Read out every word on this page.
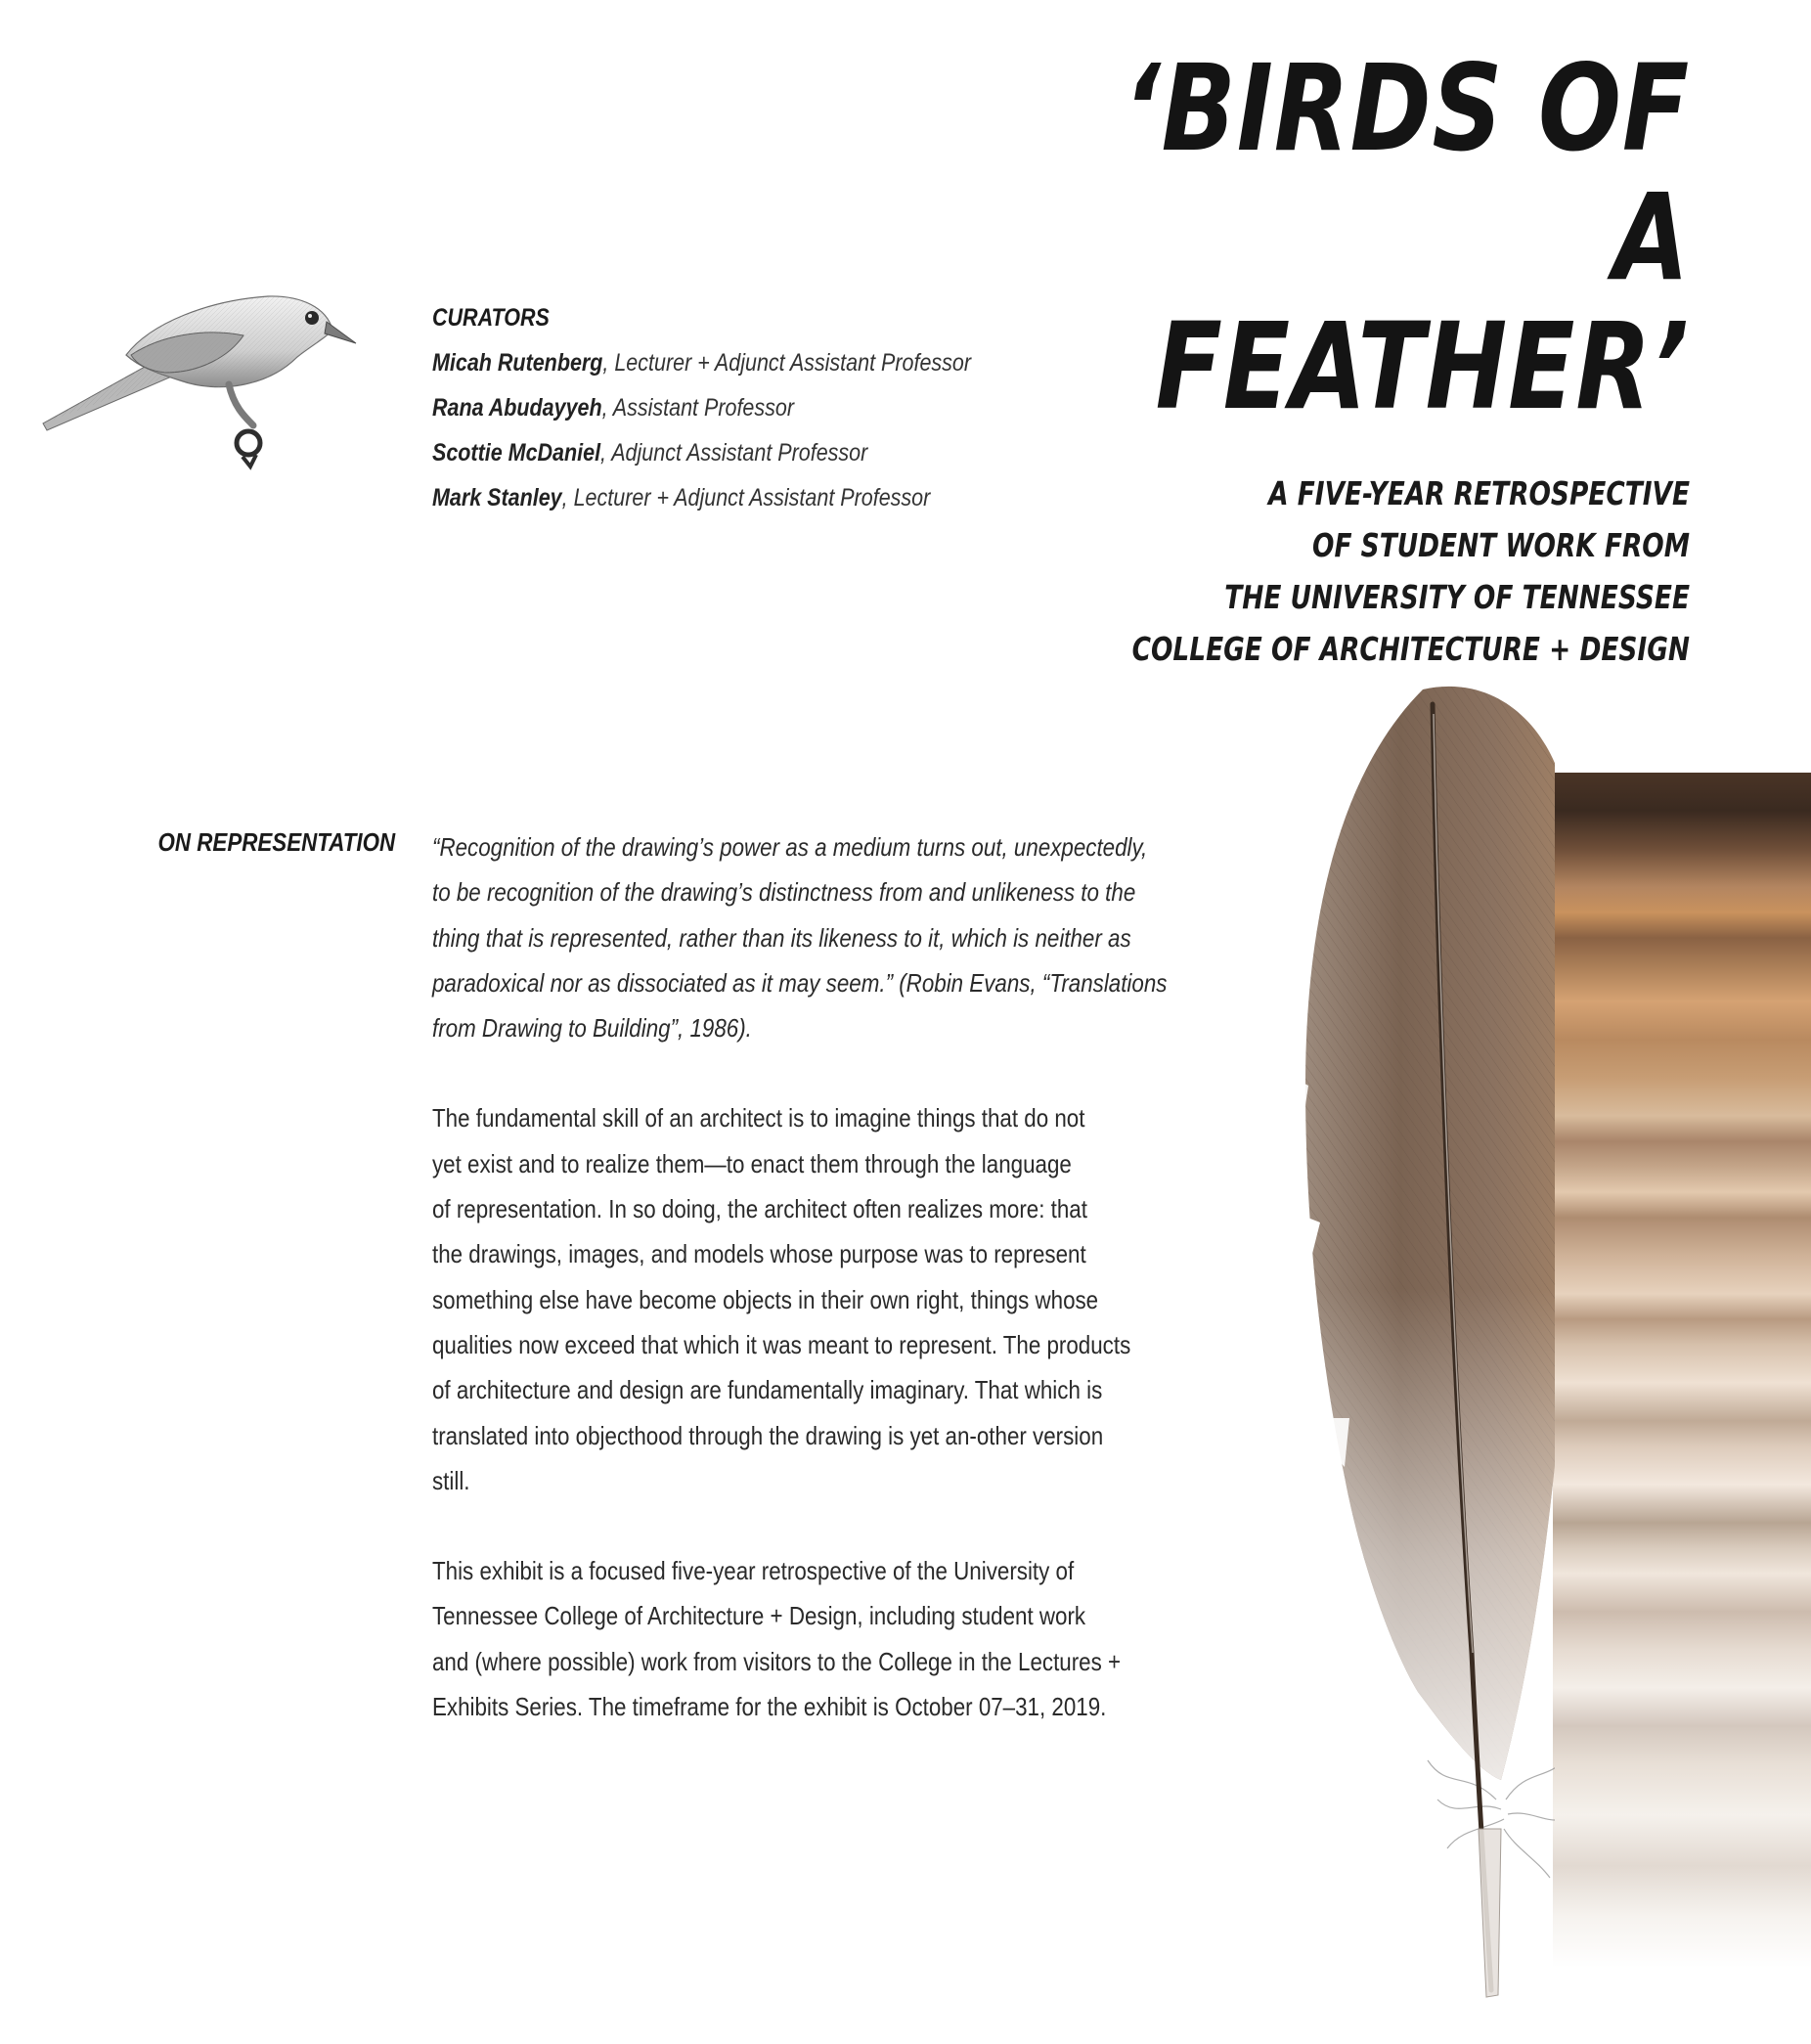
‘BIRDS OF A
FEATHER’
A FIVE-YEAR RETROSPECTIVE
OF STUDENT WORK FROM
THE UNIVERSITY OF TENNESSEE
COLLEGE OF ARCHITECTURE + DESIGN
CURATORS
Micah Rutenberg, Lecturer + Adjunct Assistant Professor
Rana Abudayyeh, Assistant Professor
Scottie McDaniel, Adjunct Assistant Professor
Mark Stanley, Lecturer + Adjunct Assistant Professor
ON REPRESENTATION “Recognition of the drawing’s power as a medium turns out, unexpectedly,
to be recognition of the drawing’s distinctness from and unlikeness to the
thing that is represented, rather than its likeness to it, which is neither as
paradoxical nor as dissociated as it may seem.” (Robin Evans, “Translations
from Drawing to Building”, 1986).

The fundamental skill of an architect is to imagine things that do not
yet exist and to realize them—to enact them through the language
of representation. In so doing, the architect often realizes more: that
the drawings, images, and models whose purpose was to represent
something else have become objects in their own right, things whose
qualities now exceed that which it was meant to represent. The products
of architecture and design are fundamentally imaginary. That which is
translated into objecthood through the drawing is yet an-other version
still.

This exhibit is a focused five-year retrospective of the University of
Tennessee College of Architecture + Design, including student work
and (where possible) work from visitors to the College in the Lectures +
Exhibits Series. The timeframe for the exhibit is October 07–31, 2019.
